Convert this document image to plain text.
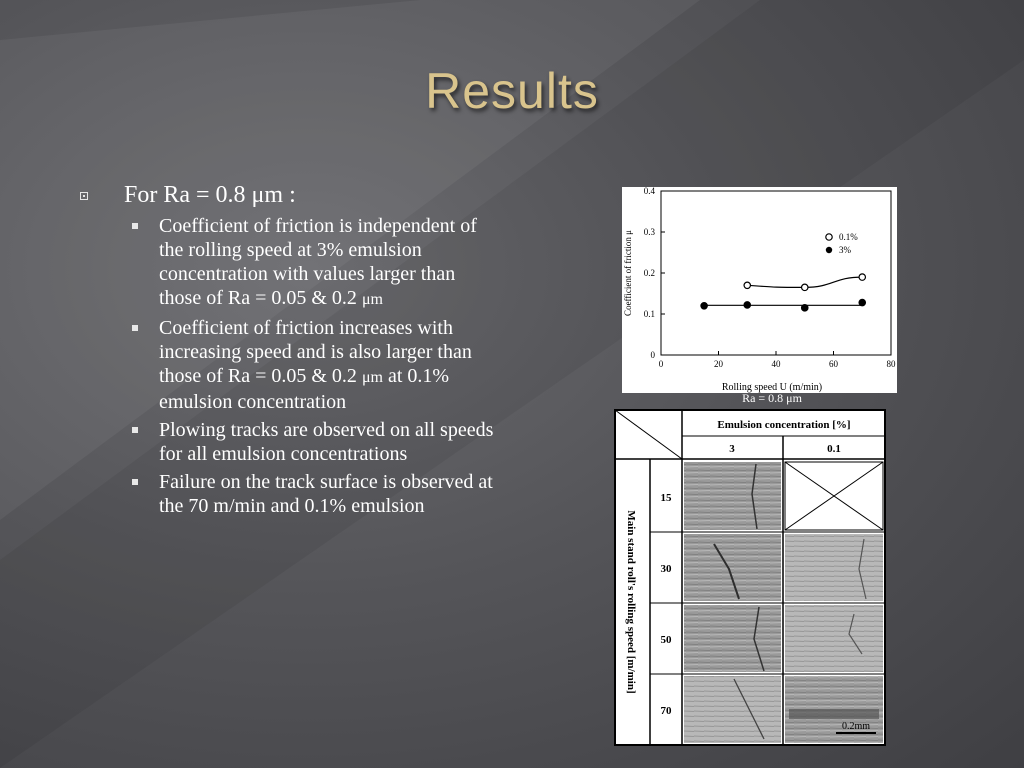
Results
For Ra = 0.8 μm :
Coefficient of friction is independent of the rolling speed at 3% emulsion concentration with values larger than those of Ra = 0.05 & 0.2 μm
Coefficient of friction increases with increasing speed and is also larger than those of Ra = 0.05 & 0.2 μm at 0.1% emulsion concentration
Plowing tracks are observed on all speeds for all emulsion concentrations
Failure on the track surface is observed at the 70 m/min and 0.1% emulsion
0
0.1
0.2
0.3
0.4
0	20	40	60	80
0.1%
3%
Coefficient of friction μ
Rolling speed U (m/min)
Ra = 0.8 μm
Emulsion concentration [%]
3	0.1
Main stand roll's rolling speed [m/min]
15
30
50
70
0.2mm
